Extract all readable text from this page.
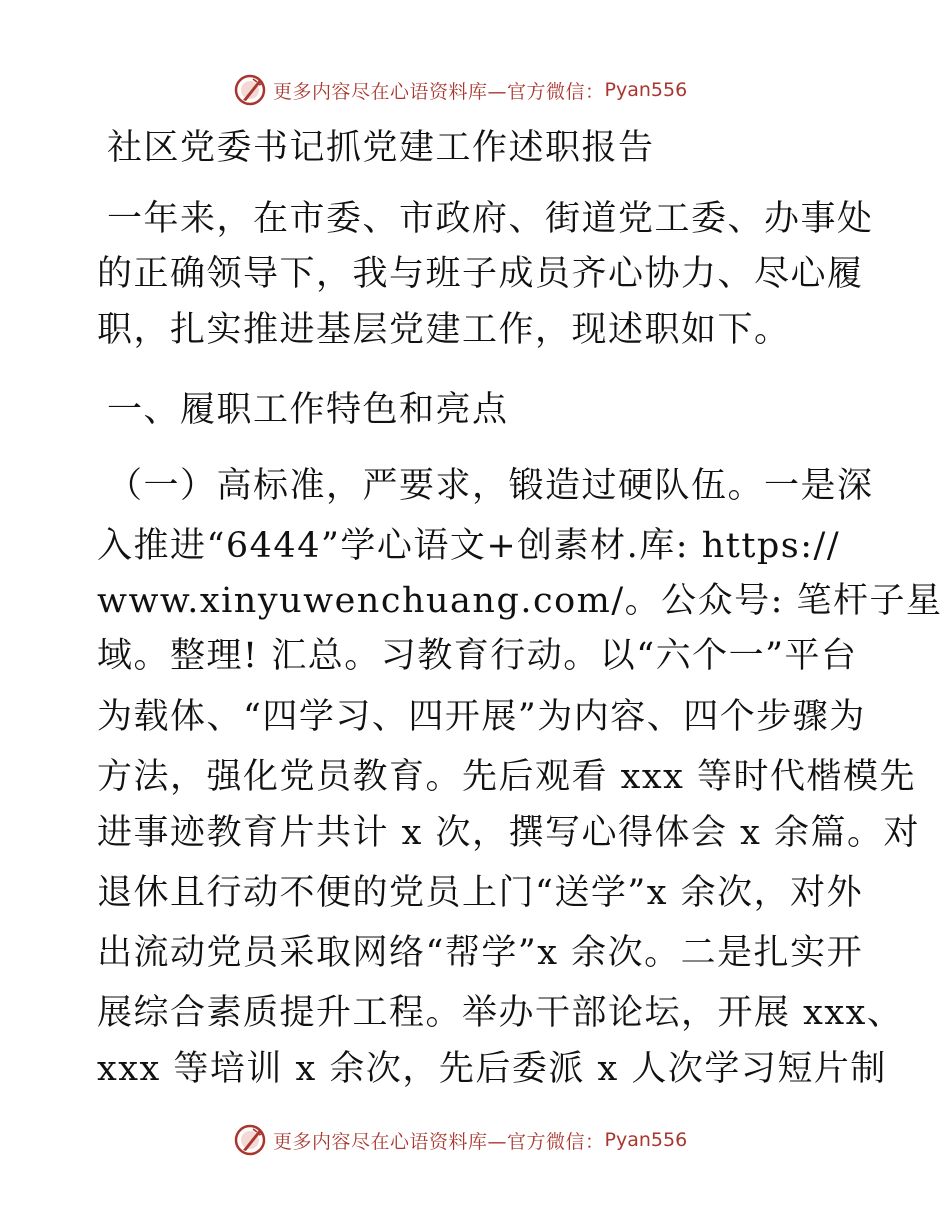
更多内容尽在心语资料库—官方微信： Pyan556
社区党委书记抓党建工作述职报告
一年来，在市委、市政府、街道党工委、办事处
的正确领导下，我与班子成员齐心协力、尽心履
职，扎实推进基层党建工作，现述职如下。
一、履职工作特色和亮点
（一）高标准，严要求，锻造过硬队伍。一是深
入推进“6444”学心语文+创素材.库: https://
www.xinyuwenchuang.com/。公众号: 笔杆子星
域。整理! 汇总。习教育行动。以“六个一”平台
为载体、“四学习、四开展”为内容、四个步骤为
方法，强化党员教育。先后观看 xxx 等时代楷模先
进事迹教育片共计 x 次，撰写心得体会 x 余篇。对
退休且行动不便的党员上门“送学”x 余次，对外
出流动党员采取网络“帮学”x 余次。二是扎实开
展综合素质提升工程。举办干部论坛，开展 xxx、
xxx 等培训 x 余次，先后委派 x 人次学习短片制
更多内容尽在心语资料库—官方微信： Pyan556
